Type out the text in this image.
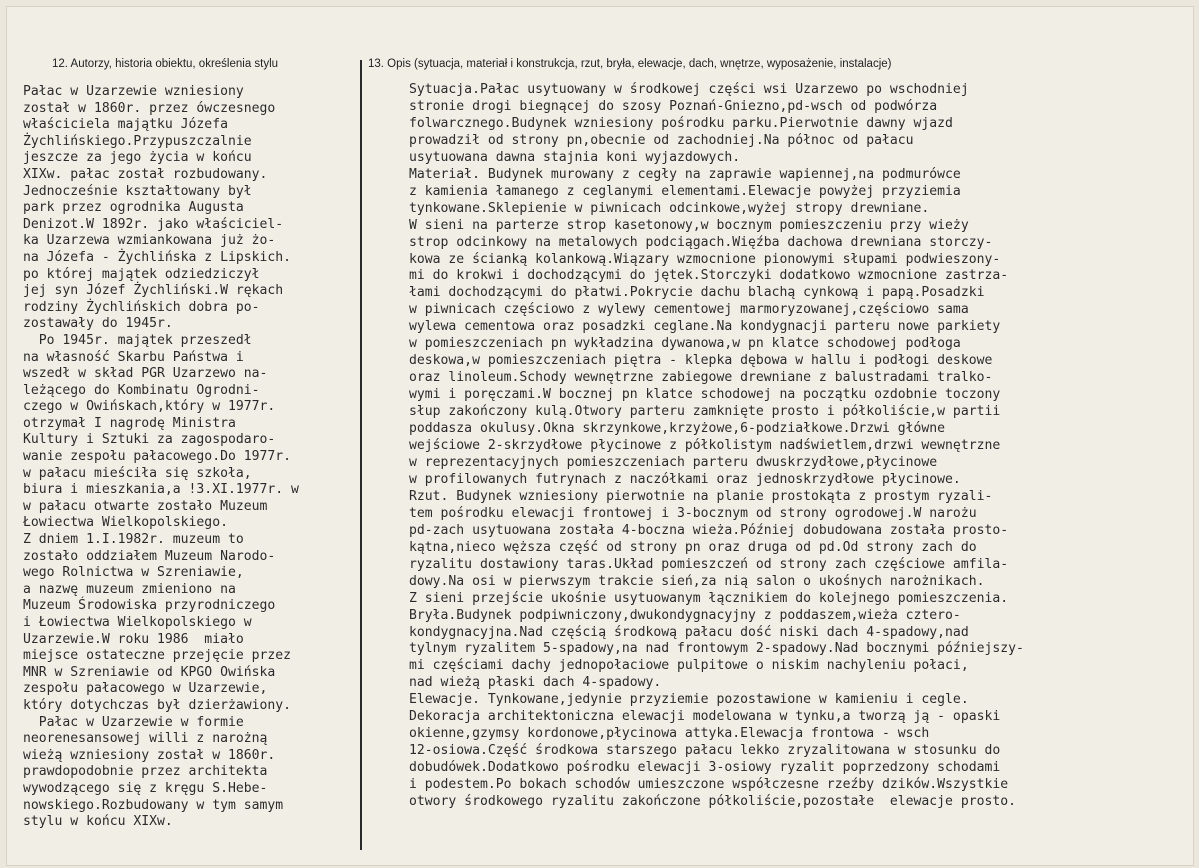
12. Autorzy, historia obiektu, określenia stylu	13. Opis (sytuacja, materiał i konstrukcja, rzut, bryła, elewacje, dach, wnętrze, wyposażenie, instalacje)
Pałac w Uzarzewie wzniesiony
został w 1860r. przez ówczesnego
właściciela majątku Józefa
Żychlińskiego.Przypuszczalnie
jeszcze za jego życia w końcu
XIXw. pałac został rozbudowany.
Jednocześnie kształtowany był
park przez ogrodnika Augusta
Denizot.W 1892r. jako właściciel-
ka Uzarzewa wzmiankowana już żo-
na Józefa - Żychlińska z Lipskich.
po której majątek odziedziczył
jej syn Józef Żychliński.W rękach
rodziny Żychlińskich dobra po-
zostawały do 1945r.
Po 1945r. majątek przeszedł
na własność Skarbu Państwa i
wszedł w skład PGR Uzarzewo na-
leżącego do Kombinatu Ogrodni-
czego w Owińskach,który w 1977r.
otrzymał I nagrodę Ministra
Kultury i Sztuki za zagospodaro-
wanie zespołu pałacowego.Do 1977r.
w pałacu mieściła się szkoła,
biura i mieszkania,a !3.XI.1977r. w
w pałacu otwarte zostało Muzeum
Łowiectwa Wielkopolskiego.
Z dniem 1.I.1982r. muzeum to
zostało oddziałem Muzeum Narodo-
wego Rolnictwa w Szreniawie,
a nazwę muzeum zmieniono na
Muzeum Środowiska przyrodniczego
i Łowiectwa Wielkopolskiego w
Uzarzewie.W roku 1986  miało
miejsce ostateczne przejęcie przez
MNR w Szreniawie od KPGO Owińska
zespołu pałacowego w Uzarzewie,
który dotychczas był dzierżawiony.
Pałac w Uzarzewie w formie
neorenesansowej willi z narożną
wieżą wzniesiony został w 1860r.
prawdopodobnie przez architekta
wywodzącego się z kręgu S.Hebe-
nowskiego.Rozbudowany w tym samym
stylu w końcu XIXw.
Sytuacja.Pałac usytuowany w środkowej części wsi Uzarzewo po wschodniej
stronie drogi biegnącej do szosy Poznań-Gniezno,pd-wsch od podwórza
folwarcznego.Budynek wzniesiony pośrodku parku.Pierwotnie dawny wjazd
prowadził od strony pn,obecnie od zachodniej.Na północ od pałacu
usytuowana dawna stajnia koni wyjazdowych.
Materiał. Budynek murowany z cegły na zaprawie wapiennej,na podmurówce
z kamienia łamanego z ceglanymi elementami.Elewacje powyżej przyziemia
tynkowane.Sklepienie w piwnicach odcinkowe,wyżej stropy drewniane.
W sieni na parterze strop kasetonowy,w bocznym pomieszczeniu przy wieży
strop odcinkowy na metalowych podciągach.Więźba dachowa drewniana storczy-
kowa ze ścianką kolankową.Wiązary wzmocnione pionowymi słupami podwieszony-
mi do krokwi i dochodzącymi do jętek.Storczyki dodatkowo wzmocnione zastrza-
łami dochodzącymi do płatwi.Pokrycie dachu blachą cynkową i papą.Posadzki
w piwnicach częściowo z wylewy cementowej marmoryzowanej,częściowo sama
wylewa cementowa oraz posadzki ceglane.Na kondygnacji parteru nowe parkiety
w pomieszczeniach pn wykładzina dywanowa,w pn klatce schodowej podłoga
deskowa,w pomieszczeniach piętra - klepka dębowa w hallu i podłogi deskowe
oraz linoleum.Schody wewnętrzne zabiegowe drewniane z balustradami tralko-
wymi i poręczami.W bocznej pn klatce schodowej na początku ozdobnie toczony
słup zakończony kulą.Otwory parteru zamknięte prosto i półkoliście,w partii
poddasza okulusy.Okna skrzynkowe,krzyżowe,6-podziałkowe.Drzwi główne
wejściowe 2-skrzydłowe płycinowe z półkolistym nadświetlem,drzwi wewnętrzne
w reprezentacyjnych pomieszczeniach parteru dwuskrzydłowe,płycinowe
w profilowanych futrynach z naczółkami oraz jednoskrzydłowe płycinowe.
Rzut. Budynek wzniesiony pierwotnie na planie prostokąta z prostym ryzali-
tem pośrodku elewacji frontowej i 3-bocznym od strony ogrodowej.W narożu
pd-zach usytuowana została 4-boczna wieża.Później dobudowana została prosto-
kątna,nieco węższa część od strony pn oraz druga od pd.Od strony zach do
ryzalitu dostawiony taras.Układ pomieszczeń od strony zach częściowe amfila-
dowy.Na osi w pierwszym trakcie sień,za nią salon o ukośnych narożnikach.
Z sieni przejście ukośnie usytuowanym łącznikiem do kolejnego pomieszczenia.
Bryła.Budynek podpiwniczony,dwukondygnacyjny z poddaszem,wieża cztero-
kondygnacyjna.Nad częścią środkową pałacu dość niski dach 4-spadowy,nad
tylnym ryzalitem 5-spadowy,na nad frontowym 2-spadowy.Nad bocznymi późniejszy-
mi częściami dachy jednopołaciowe pulpitowe o niskim nachyleniu połaci,
nad wieżą płaski dach 4-spadowy.
Elewacje. Tynkowane,jedynie przyziemie pozostawione w kamieniu i cegle.
Dekoracja architektoniczna elewacji modelowana w tynku,a tworzą ją - opaski
okienne,gzymsy kordonowe,płycinowa attyka.Elewacja frontowa - wsch
12-osiowa.Część środkowa starszego pałacu lekko zryzalitowana w stosunku do
dobudówek.Dodatkowo pośrodku elewacji 3-osiowy ryzalit poprzedzony schodami
i podestem.Po bokach schodów umieszczone współczesne rzeźby dzików.Wszystkie
otwory środkowego ryzalitu zakończone półkoliście,pozostałe  elewacje prosto.
